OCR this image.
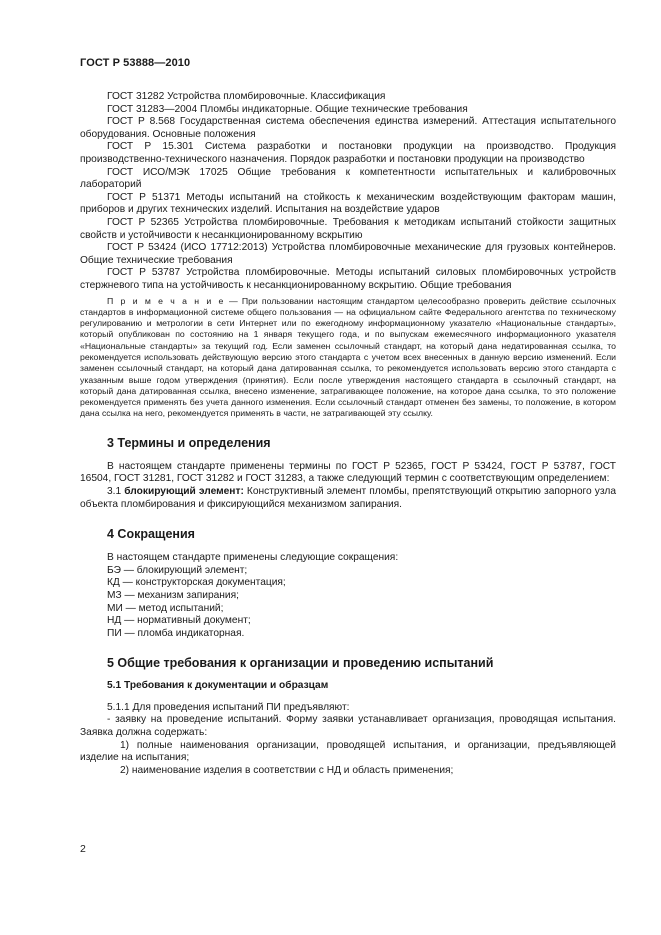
ГОСТ Р 53888—2010

ГОСТ 31282 Устройства пломбировочные. Классификация

ГОСТ 31283—2004 Пломбы индикаторные. Общие технические требования

ГОСТ Р 8.568 Государственная система обеспечения единства измерений. Аттестация испытательного оборудования. Основные положения

ГОСТ Р 15.301 Система разработки и постановки продукции на производство. Продукция производственно-технического назначения. Порядок разработки и постановки продукции на производство

ГОСТ ИСО/МЭК 17025 Общие требования к компетентности испытательных и калибровочных лабораторий

ГОСТ Р 51371 Методы испытаний на стойкость к механическим воздействующим факторам машин, приборов и других технических изделий. Испытания на воздействие ударов

ГОСТ Р 52365 Устройства пломбировочные. Требования к методикам испытаний стойкости защитных свойств и устойчивости к несанкционированному вскрытию

ГОСТ Р 53424 (ИСО 17712:2013) Устройства пломбировочные механические для грузовых контейнеров. Общие технические требования

ГОСТ Р 53787 Устройства пломбировочные. Методы испытаний силовых пломбировочных устройств стержневого типа на устойчивость к несанкционированному вскрытию. Общие требования

П р и м е ч а н и е — При пользовании настоящим стандартом целесообразно проверить действие ссылочных стандартов в информационной системе общего пользования — на официальном сайте Федерального агентства по техническому регулированию и метрологии в сети Интернет или по ежегодному информационному указателю «Национальные стандарты», который опубликован по состоянию на 1 января текущего года, и по выпускам ежемесячного информационного указателя «Национальные стандарты» за текущий год. Если заменен ссылочный стандарт, на который дана недатированная ссылка, то рекомендуется использовать действующую версию этого стандарта с учетом всех внесенных в данную версию изменений. Если заменен ссылочный стандарт, на который дана датированная ссылка, то рекомендуется использовать версию этого стандарта с указанным выше годом утверждения (принятия). Если после утверждения настоящего стандарта в ссылочный стандарт, на который дана датированная ссылка, внесено изменение, затрагивающее положение, на которое дана ссылка, то это положение рекомендуется применять без учета данного изменения. Если ссылочный стандарт отменен без замены, то положение, в котором дана ссылка на него, рекомендуется применять в части, не затрагивающей эту ссылку.

3 Термины и определения

В настоящем стандарте применены термины по ГОСТ Р 52365, ГОСТ Р 53424, ГОСТ Р 53787, ГОСТ 16504, ГОСТ 31281, ГОСТ 31282 и ГОСТ 31283, а также следующий термин с соответствующим определением:

3.1 блокирующий элемент: Конструктивный элемент пломбы, препятствующий открытию запорного узла объекта пломбирования и фиксирующийся механизмом запирания.

4 Сокращения

В настоящем стандарте применены следующие сокращения:

БЭ — блокирующий элемент;

КД — конструкторская документация;

МЗ — механизм запирания;

МИ — метод испытаний;

НД — нормативный документ;

ПИ — пломба индикаторная.

5 Общие требования к организации и проведению испытаний
5.1 Требования к документации и образцам

5.1.1 Для проведения испытаний ПИ предъявляют:

- заявку на проведение испытаний. Форму заявки устанавливает организация, проводящая испытания. Заявка должна содержать:

1) полные наименования организации, проводящей испытания, и организации, предъявляющей изделие на испытания;

2) наименование изделия в соответствии с НД и область применения;

2
